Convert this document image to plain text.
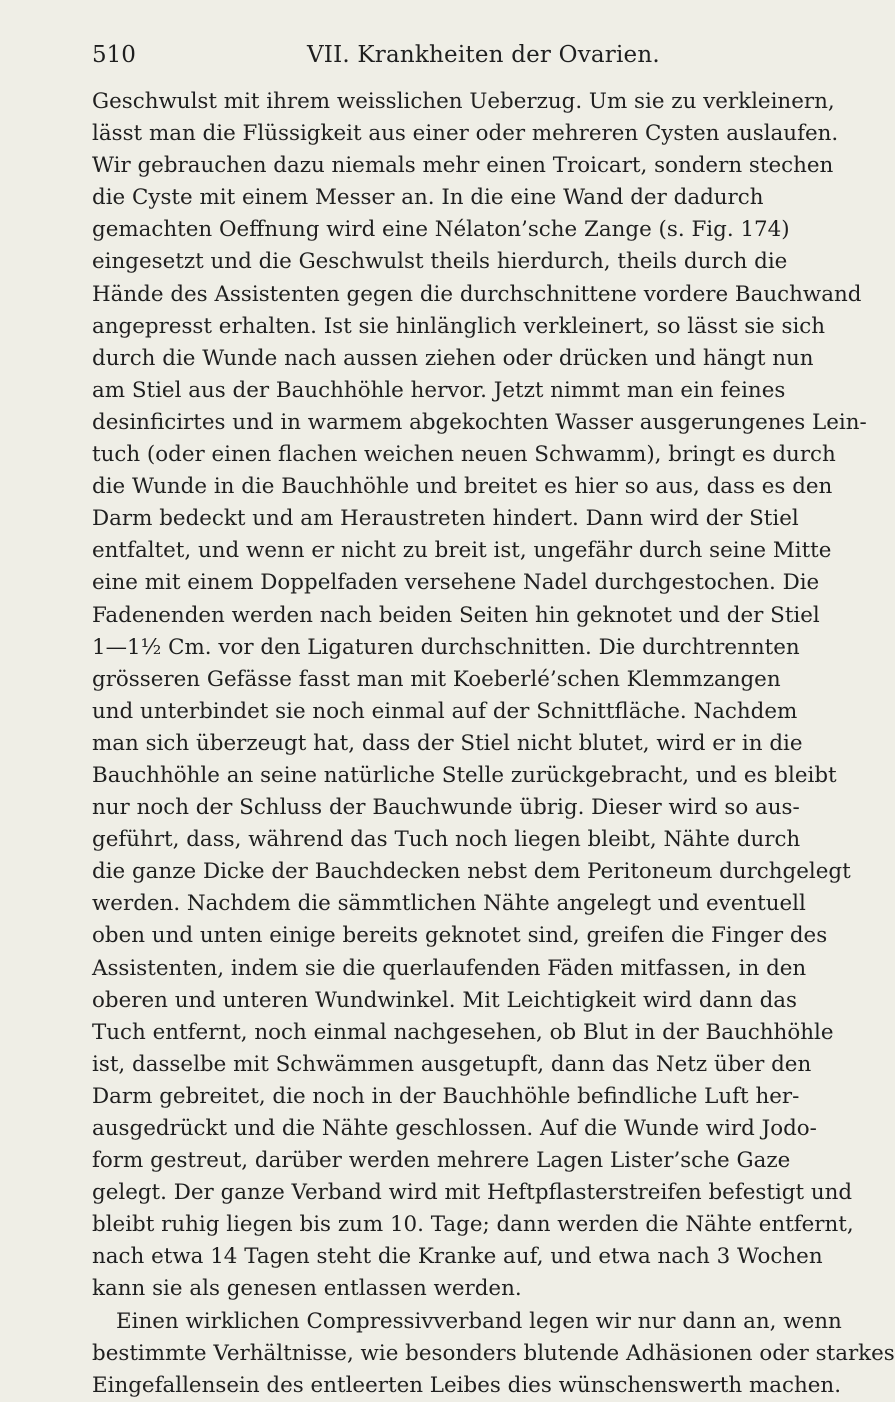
510	VII. Krankheiten der Ovarien.
Geschwulst mit ihrem weisslichen Ueberzug. Um sie zu verkleinern,
lässt man die Flüssigkeit aus einer oder mehreren Cysten auslaufen.
Wir gebrauchen dazu niemals mehr einen Troicart, sondern stechen
die Cyste mit einem Messer an. In die eine Wand der dadurch
gemachten Oeffnung wird eine Nélaton’sche Zange (s. Fig. 174)
eingesetzt und die Geschwulst theils hierdurch, theils durch die
Hände des Assistenten gegen die durchschnittene vordere Bauchwand
angepresst erhalten. Ist sie hinlänglich verkleinert, so lässt sie sich
durch die Wunde nach aussen ziehen oder drücken und hängt nun
am Stiel aus der Bauchhöhle hervor. Jetzt nimmt man ein feines
desinficirtes und in warmem abgekochten Wasser ausgerungenes Lein-
tuch (oder einen flachen weichen neuen Schwamm), bringt es durch
die Wunde in die Bauchhöhle und breitet es hier so aus, dass es den
Darm bedeckt und am Heraustreten hindert. Dann wird der Stiel
entfaltet, und wenn er nicht zu breit ist, ungefähr durch seine Mitte
eine mit einem Doppelfaden versehene Nadel durchgestochen. Die
Fadenenden werden nach beiden Seiten hin geknotet und der Stiel
1—1½ Cm. vor den Ligaturen durchschnitten. Die durchtrennten
grösseren Gefässe fasst man mit Koeberlé’schen Klemmzangen
und unterbindet sie noch einmal auf der Schnittfläche. Nachdem
man sich überzeugt hat, dass der Stiel nicht blutet, wird er in die
Bauchhöhle an seine natürliche Stelle zurückgebracht, und es bleibt
nur noch der Schluss der Bauchwunde übrig. Dieser wird so aus-
geführt, dass, während das Tuch noch liegen bleibt, Nähte durch
die ganze Dicke der Bauchdecken nebst dem Peritoneum durchgelegt
werden. Nachdem die sämmtlichen Nähte angelegt und eventuell
oben und unten einige bereits geknotet sind, greifen die Finger des
Assistenten, indem sie die querlaufenden Fäden mitfassen, in den
oberen und unteren Wundwinkel. Mit Leichtigkeit wird dann das
Tuch entfernt, noch einmal nachgesehen, ob Blut in der Bauchhöhle
ist, dasselbe mit Schwämmen ausgetupft, dann das Netz über den
Darm gebreitet, die noch in der Bauchhöhle befindliche Luft her-
ausgedrückt und die Nähte geschlossen. Auf die Wunde wird Jodo-
form gestreut, darüber werden mehrere Lagen Lister’sche Gaze
gelegt. Der ganze Verband wird mit Heftpflasterstreifen befestigt und
bleibt ruhig liegen bis zum 10. Tage; dann werden die Nähte entfernt,
nach etwa 14 Tagen steht die Kranke auf, und etwa nach 3 Wochen
kann sie als genesen entlassen werden.
Einen wirklichen Compressivverband legen wir nur dann an, wenn
bestimmte Verhältnisse, wie besonders blutende Adhäsionen oder starkes
Eingefallensein des entleerten Leibes dies wünschenswerth machen.
